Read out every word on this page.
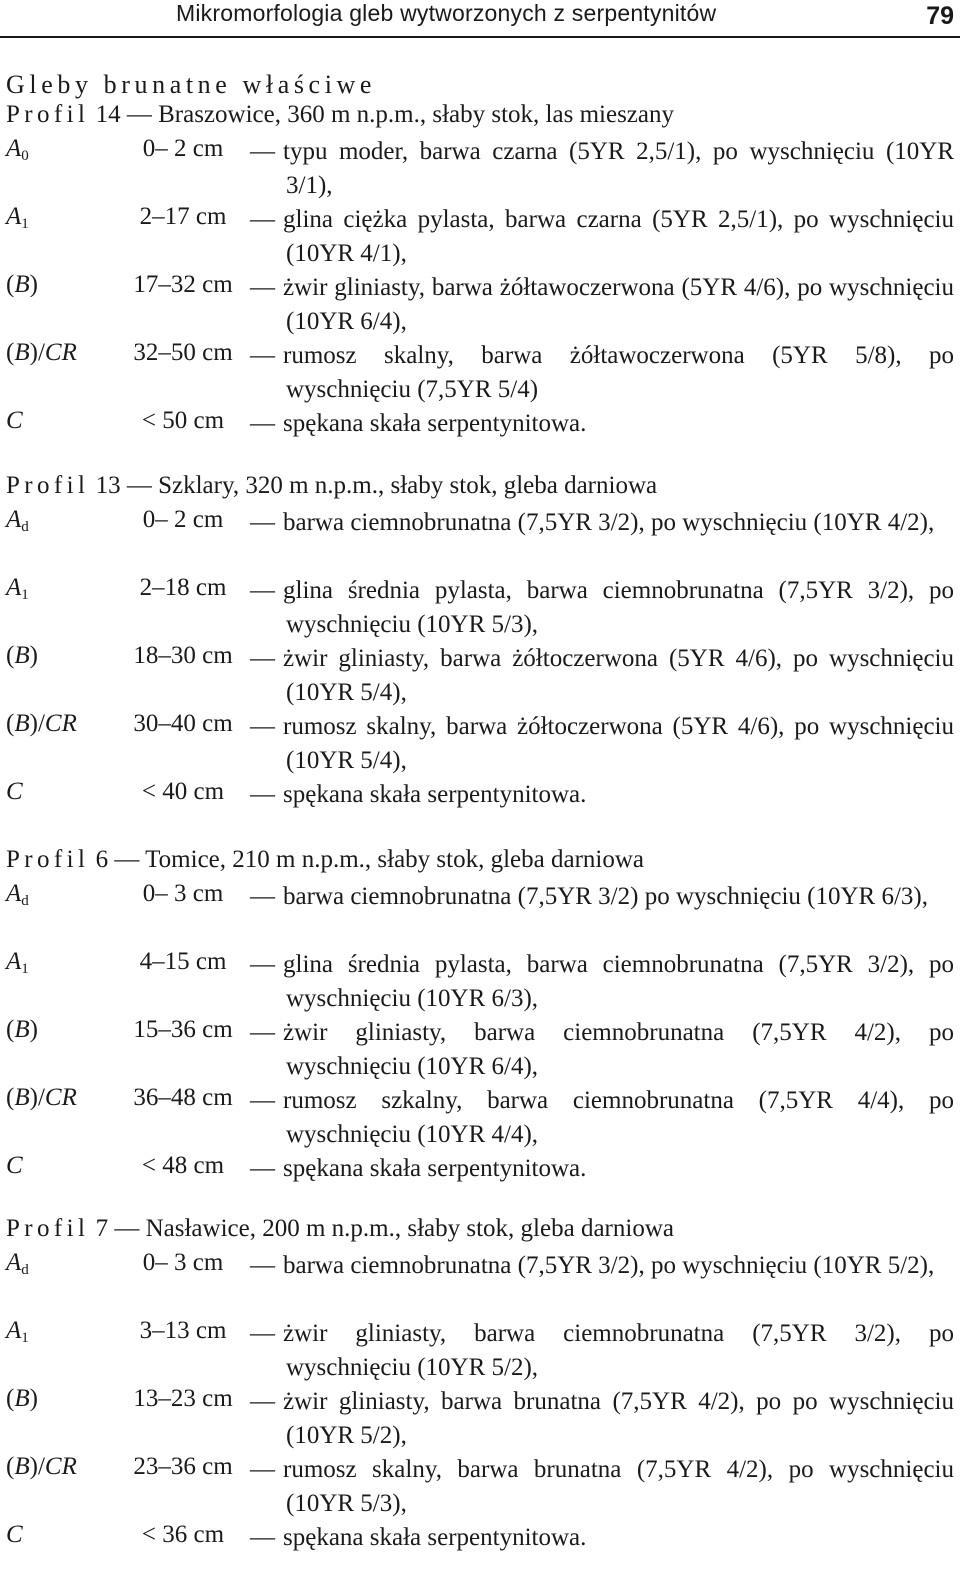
Mikromorfologia gleb wytworzonych z serpentynitów	79
Gleby brunatne właściwe
Profil 14 — Braszowice, 360 m n.p.m., słaby stok, las mieszany
$A_0$	0– 2 cm	— typu moder, barwa czarna (5YR 2,5/1), po wyschnięciu (10YR 3/1),
$A_1$	2–17 cm — glina ciężka pylasta, barwa czarna (5YR 2,5/1), po wyschnięciu (10YR 4/1),
(B)	17–32 cm — żwir gliniasty, barwa żółtawoczerwona (5YR 4/6), po wyschnięciu (10YR 6/4),
(B)/CR	32–50 cm — rumosz skalny, barwa żółtawoczerwona (5YR 5/8), po wyschnięciu (7,5YR 5/4)
C	< 50 cm	— spękana skała serpentynitowa.
Profil 13 — Szklary, 320 m n.p.m., słaby stok, gleba darniowa
$A_d$	0– 2 cm	— barwa ciemnobrunatna (7,5YR 3/2), po wyschnięciu (10YR 4/2),
$A_1$	2–18 cm — glina średnia pylasta, barwa ciemnobrunatna (7,5YR 3/2), po wyschnięciu (10YR 5/3),
(B)	18–30 cm — żwir gliniasty, barwa żółtoczerwona (5YR 4/6), po wyschnięciu (10YR 5/4),
(B)/CR	30–40 cm — rumosz skalny, barwa żółtoczerwona (5YR 4/6), po wyschnięciu (10YR 5/4),
C	< 40 cm	— spękana skała serpentynitowa.
Profil 6 — Tomice, 210 m n.p.m., słaby stok, gleba darniowa
$A_d$	0– 3 cm	— barwa ciemnobrunatna (7,5YR 3/2) po wyschnięciu (10YR 6/3),
$A_1$	4–15 cm — glina średnia pylasta, barwa ciemnobrunatna (7,5YR 3/2), po wyschnięciu (10YR 6/3),
(B)	15–36 cm — żwir gliniasty, barwa ciemnobrunatna (7,5YR 4/2), po wyschnięciu (10YR 6/4),
(B)/CR	36–48 cm — rumosz szkalny, barwa ciemnobrunatna (7,5YR 4/4), po wyschnięciu (10YR 4/4),
C	< 48 cm	— spękana skała serpentynitowa.
Profil 7 — Nasławice, 200 m n.p.m., słaby stok, gleba darniowa
$A_d$	0– 3 cm	— barwa ciemnobrunatna (7,5YR 3/2), po wyschnięciu (10YR 5/2),
$A_1$	3–13 cm — żwir gliniasty, barwa ciemnobrunatna (7,5YR 3/2), po wyschnięciu (10YR 5/2),
(B)	13–23 cm — żwir gliniasty, barwa brunatna (7,5YR 4/2), po po wyschnięciu (10YR 5/2),
(B)/CR	23–36 cm — rumosz skalny, barwa brunatna (7,5YR 4/2), po wyschnięciu (10YR 5/3),
C	< 36 cm	— spękana skała serpentynitowa.
